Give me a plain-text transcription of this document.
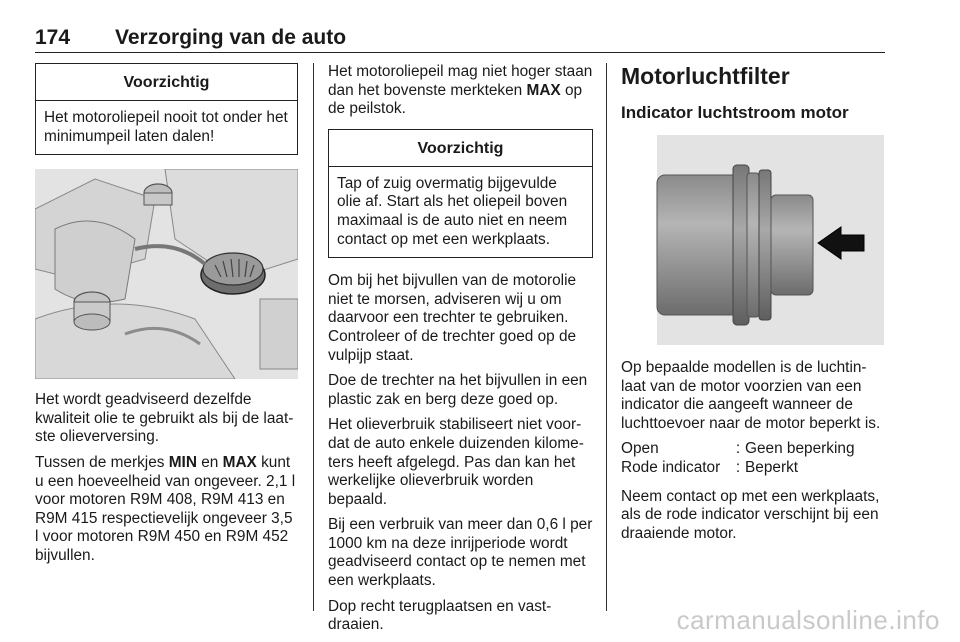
174 Verzorging van de auto
Voorzichtig
Het motoroliepeil nooit tot onder het minimumpeil laten dalen!

Het wordt geadviseerd dezelfde kwaliteit olie te gebruikt als bij de laat-ste olieverversing.

Tussen de merkjes MIN en MAX kunt u een hoeveelheid van ongeveer. 2,1 l voor motoren R9M 408, R9M 413 en R9M 415 respectievelijk ongeveer 3,5 l voor motoren R9M 450 en R9M 452 bijvullen.

Het motoroliepeil mag niet hoger staan dan het bovenste merkteken MAX op de peilstok.

Voorzichtig
Tap of zuig overmatig bijgevulde olie af. Start als het oliepeil boven maximaal is de auto niet en neem contact op met een werkplaats.

Om bij het bijvullen van de motorolie niet te morsen, adviseren wij u om daarvoor een trechter te gebruiken. Controleer of de trechter goed op de vulpijp staat.

Doe de trechter na het bijvullen in een plastic zak en berg deze goed op.

Het olieverbruik stabiliseert niet voor-dat de auto enkele duizenden kilome-ters heeft afgelegd. Pas dan kan het werkelijke olieverbruik worden bepaald.

Bij een verbruik van meer dan 0,6 l per 1000 km na deze inrijperiode wordt geadviseerd contact op te nemen met een werkplaats.

Dop recht terugplaatsen en vast-draaien.

Motorluchtfilter
Indicator luchtstroom motor

Op bepaalde modellen is de luchtin-laat van de motor voorzien van een indicator die aangeeft wanneer de luchttoevoer naar de motor beperkt is.

Open	:	Geen beperking
Rode indicator	:	Beperkt

Neem contact op met een werkplaats, als de rode indicator verschijnt bij een draaiende motor.

carmanualsonline.info
